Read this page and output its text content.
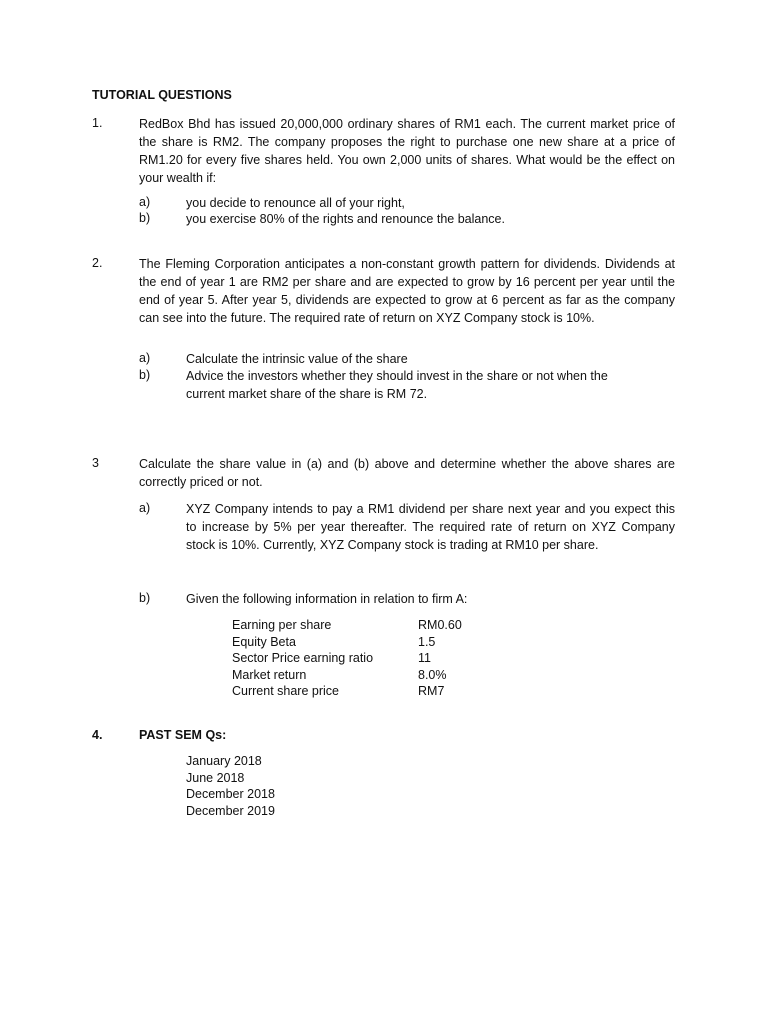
TUTORIAL QUESTIONS
1.	RedBox Bhd has issued 20,000,000 ordinary shares of RM1 each. The current market price of the share is RM2. The company proposes the right to purchase one new share at a price of RM1.20 for every five shares held. You own 2,000 units of shares. What would be the effect on your wealth if:
a)	you decide to renounce all of your right,
b)	you exercise 80% of the rights and renounce the balance.
2.	The Fleming Corporation anticipates a non-constant growth pattern for dividends. Dividends at the end of year 1 are RM2 per share and are expected to grow by 16 percent per year until the end of year 5. After year 5, dividends are expected to grow at 6 percent as far as the company can see into the future. The required rate of return on XYZ Company stock is 10%.
a)	Calculate the intrinsic value of the share
b)	Advice the investors whether they should invest in the share or not when the current market share of the share is RM 72.
3	Calculate the share value in (a) and (b) above and determine whether the above shares are correctly priced or not.
a)	XYZ Company intends to pay a RM1 dividend per share next year and you expect this to increase by 5% per year thereafter. The required rate of return on XYZ Company stock is 10%. Currently, XYZ Company stock is trading at RM10 per share.
b)	Given the following information in relation to firm A:
Earning per share	RM0.60
Equity Beta	1.5
Sector Price earning ratio	11
Market return	8.0%
Current share price	RM7
4.	PAST SEM Qs:
January 2018
June 2018
December 2018
December 2019
